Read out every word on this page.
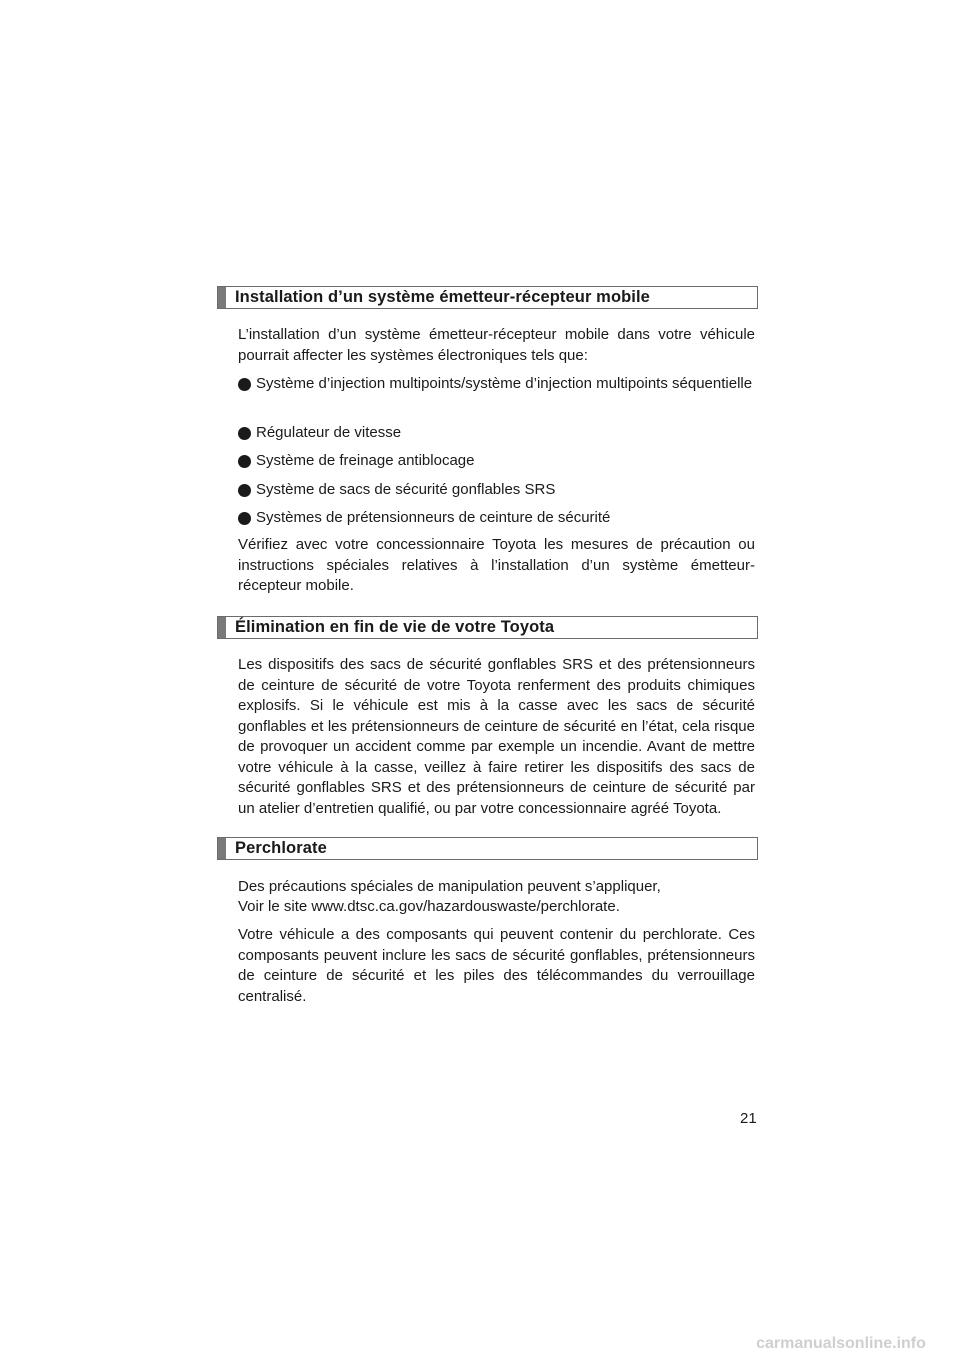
Installation d’un système émetteur-récepteur mobile

L’installation d’un système émetteur-récepteur mobile dans votre véhicule pourrait affecter les systèmes électroniques tels que:

Système d’injection multipoints/système d’injection multipoints séquentielle
Régulateur de vitesse
Système de freinage antiblocage
Système de sacs de sécurité gonflables SRS
Systèmes de prétensionneurs de ceinture de sécurité

Vérifiez avec votre concessionnaire Toyota les mesures de précaution ou instructions spéciales relatives à l’installation d’un système émetteur-récepteur mobile.

Élimination en fin de vie de votre Toyota

Les dispositifs des sacs de sécurité gonflables SRS et des prétensionneurs de ceinture de sécurité de votre Toyota renferment des produits chimiques explosifs. Si le véhicule est mis à la casse avec les sacs de sécurité gonflables et les prétensionneurs de ceinture de sécurité en l’état, cela risque de provoquer un accident comme par exemple un incendie. Avant de mettre votre véhicule à la casse, veillez à faire retirer les dispositifs des sacs de sécurité gonflables SRS et des prétensionneurs de ceinture de sécurité par un atelier d’entretien qualifié, ou par votre concessionnaire agréé Toyota.

Perchlorate

Des précautions spéciales de manipulation peuvent s’appliquer,

Voir le site www.dtsc.ca.gov/hazardouswaste/perchlorate.

Votre véhicule a des composants qui peuvent contenir du perchlorate. Ces composants peuvent inclure les sacs de sécurité gonflables, prétensionneurs de ceinture de sécurité et les piles des télécommandes du verrouillage centralisé.

21
carmanualsonline.info
